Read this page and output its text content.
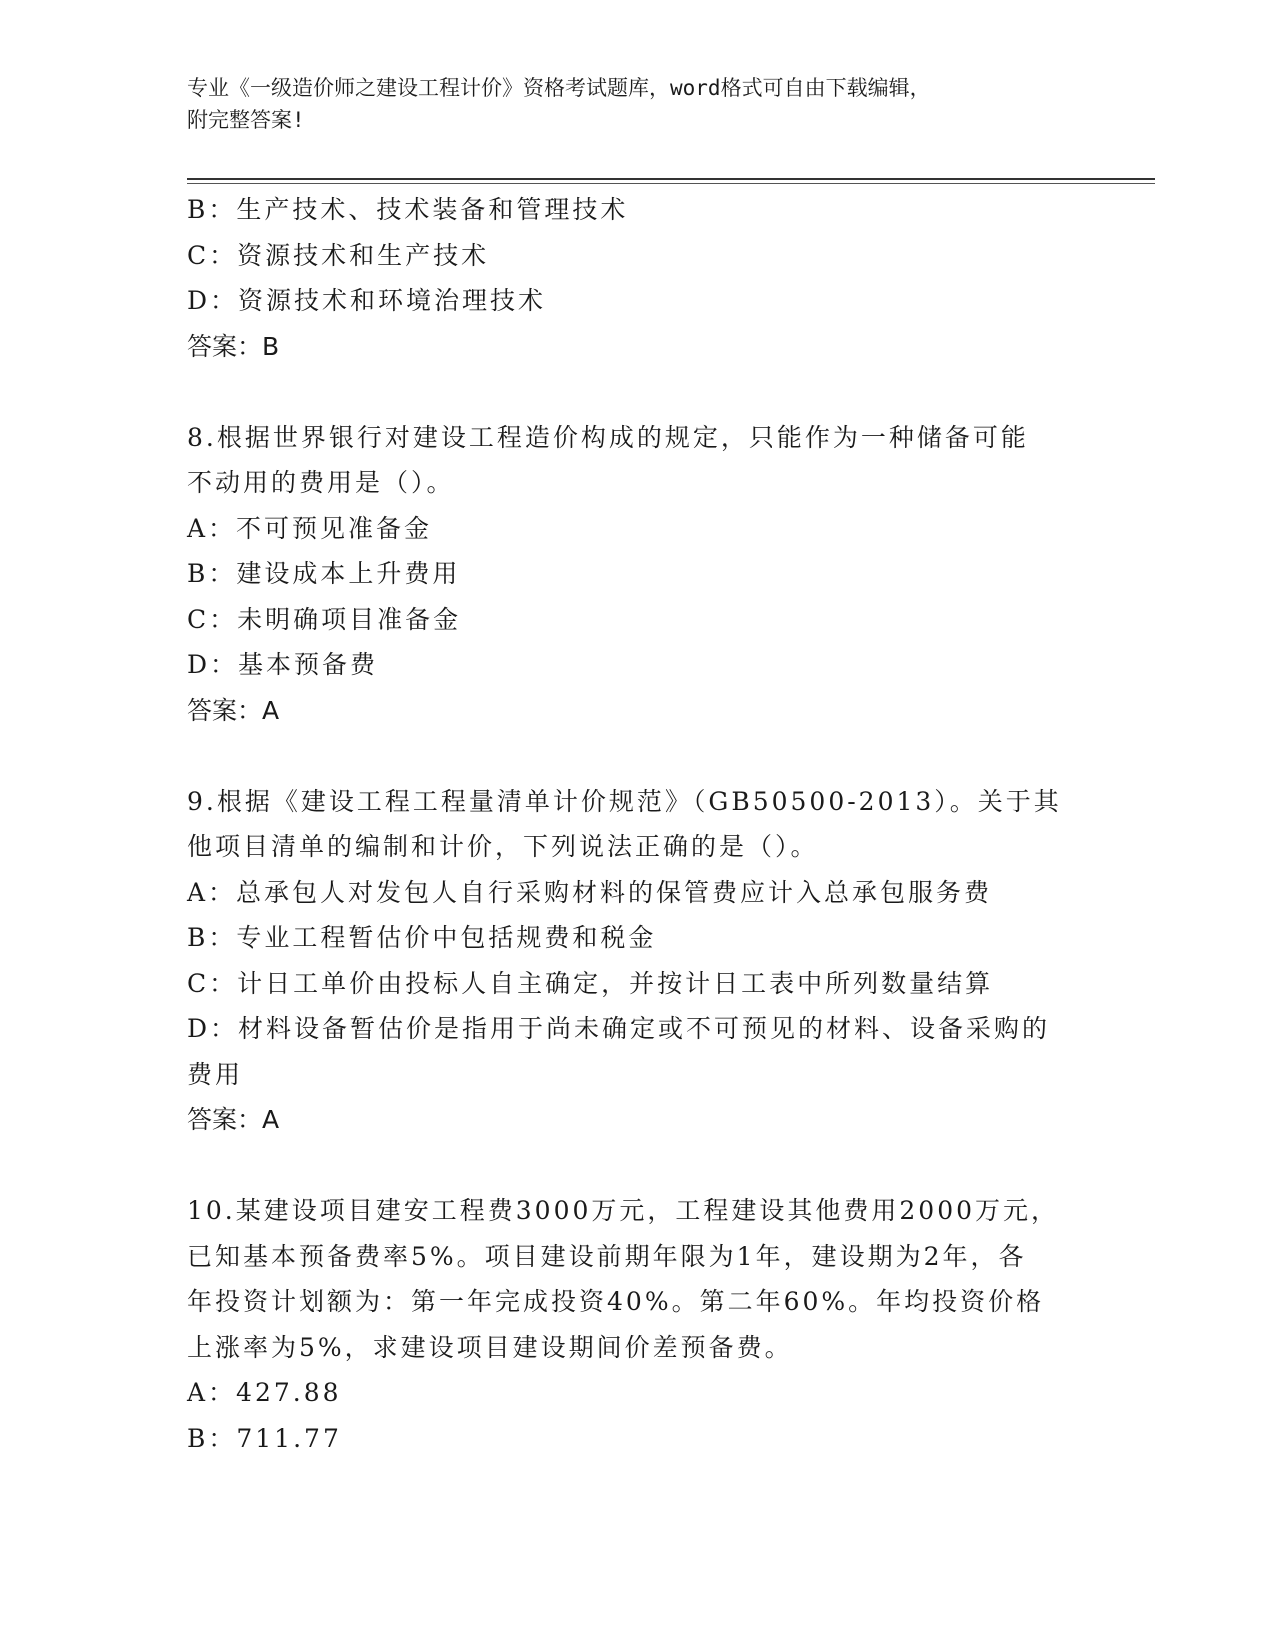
专业《一级造价师之建设工程计价》资格考试题库，word格式可自由下载编辑，
附完整答案!
B：生产技术、技术装备和管理技术
C：资源技术和生产技术
D：资源技术和环境治理技术
答案：B
8.根据世界银行对建设工程造价构成的规定，只能作为一种储备可能
不动用的费用是（）。
A：不可预见准备金
B：建设成本上升费用
C：未明确项目准备金
D：基本预备费
答案：A
9.根据《建设工程工程量清单计价规范》（GB50500-2013）。关于其
他项目清单的编制和计价，下列说法正确的是（）。
A：总承包人对发包人自行采购材料的保管费应计入总承包服务费
B：专业工程暂估价中包括规费和税金
C：计日工单价由投标人自主确定，并按计日工表中所列数量结算
D：材料设备暂估价是指用于尚未确定或不可预见的材料、设备采购的
费用
答案：A
10.某建设项目建安工程费3000万元，工程建设其他费用2000万元，
已知基本预备费率5%。项目建设前期年限为1年，建设期为2年，各
年投资计划额为：第一年完成投资40%。第二年60%。年均投资价格
上涨率为5%，求建设项目建设期间价差预备费。
A：427.88
B：711.77
